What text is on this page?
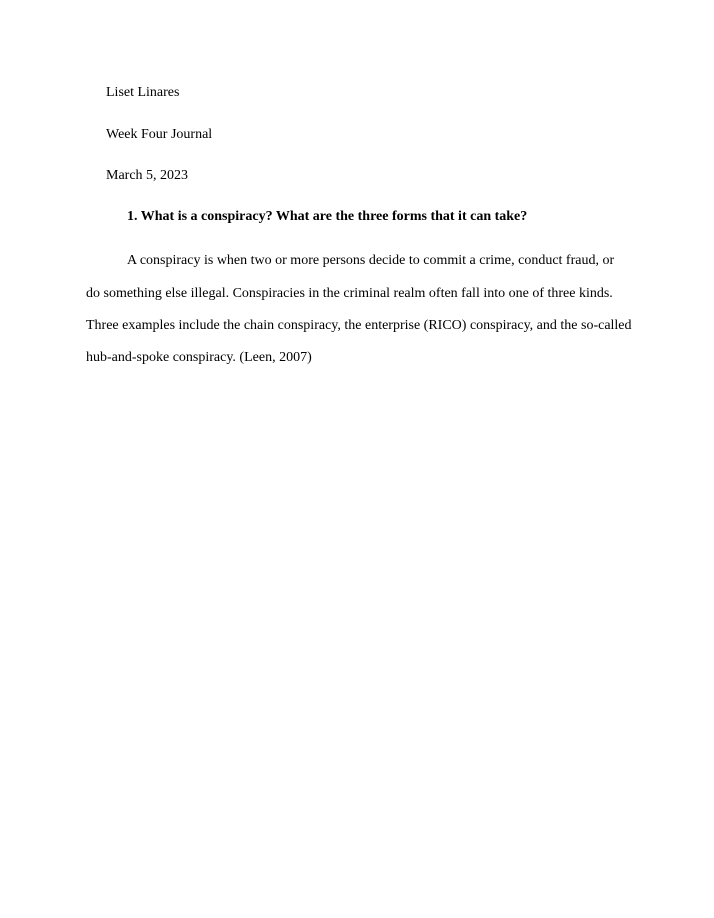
Liset Linares
Week Four Journal
March 5, 2023
1. What is a conspiracy? What are the three forms that it can take?
A conspiracy is when two or more persons decide to commit a crime, conduct fraud, or
do something else illegal. Conspiracies in the criminal realm often fall into one of three kinds.
Three examples include the chain conspiracy, the enterprise (RICO) conspiracy, and the so-called
hub-and-spoke conspiracy. (Leen, 2007)
